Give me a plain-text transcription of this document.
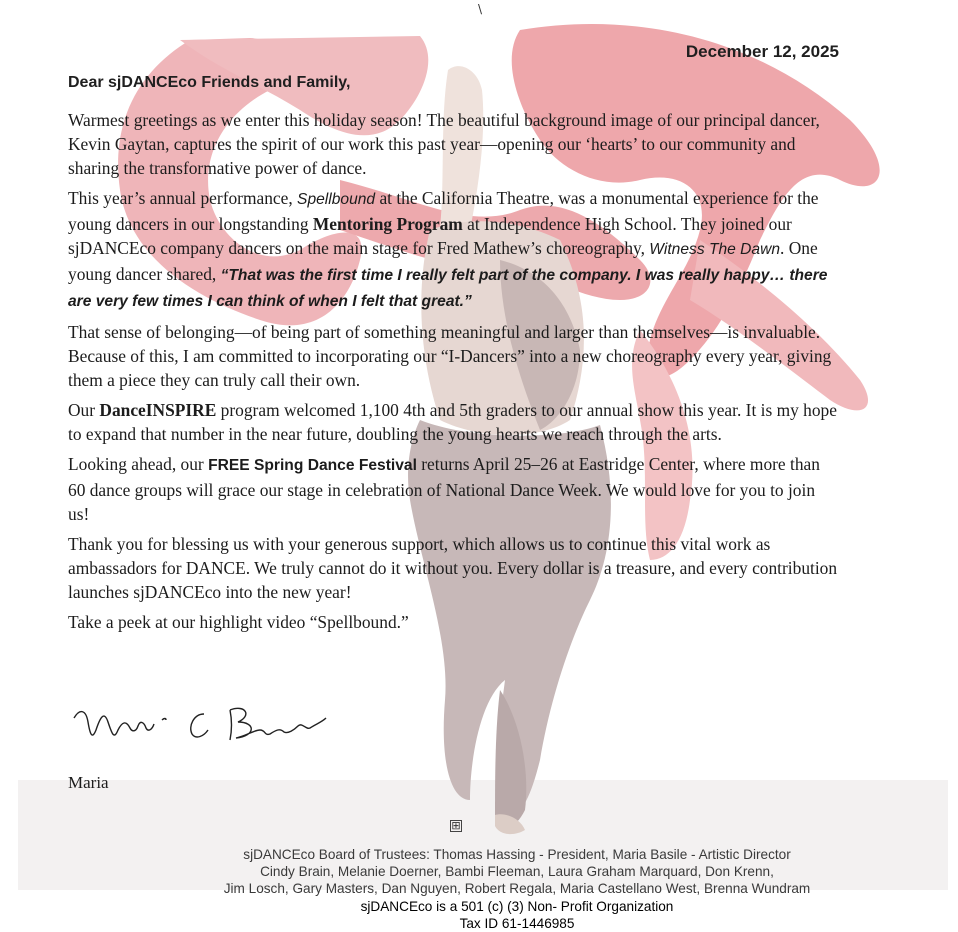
\
December 12, 2025
Dear sjDANCEco Friends and Family,

Warmest greetings as we enter this holiday season! The beautiful background image of our principal dancer, Kevin Gaytan, captures the spirit of our work this past year—opening our ‘hearts’ to our community and sharing the transformative power of dance.

This year’s annual performance, Spellbound at the California Theatre, was a monumental experience for the young dancers in our longstanding Mentoring Program at Independence High School. They joined our sjDANCEco company dancers on the main stage for Fred Mathew’s choreography, Witness The Dawn. One young dancer shared, “That was the first time I really felt part of the company. I was really happy… there are very few times I can think of when I felt that great.”

That sense of belonging—of being part of something meaningful and larger than themselves—is invaluable. Because of this, I am committed to incorporating our “I-Dancers” into a new choreography every year, giving them a piece they can truly call their own.

Our DanceINSPIRE program welcomed 1,100 4th and 5th graders to our annual show this year. It is my hope to expand that number in the near future, doubling the young hearts we reach through the arts.

Looking ahead, our FREE Spring Dance Festival returns April 25–26 at Eastridge Center, where more than 60 dance groups will grace our stage in celebration of National Dance Week. We would love for you to join us!

Thank you for blessing us with your generous support, which allows us to continue this vital work as ambassadors for DANCE. We truly cannot do it without you. Every dollar is a treasure, and every contribution launches sjDANCEco into the new year!

Take a peek at our highlight video “Spellbound.”

Maria
⊞
sjDANCEco Board of Trustees: Thomas Hassing - President, Maria Basile - Artistic Director
Cindy Brain, Melanie Doerner, Bambi Fleeman, Laura Graham Marquard, Don Krenn,
Jim Losch, Gary Masters, Dan Nguyen, Robert Regala, Maria Castellano West, Brenna Wundram
sjDANCEco is a 501 (c) (3) Non- Profit Organization
Tax ID 61-1446985
